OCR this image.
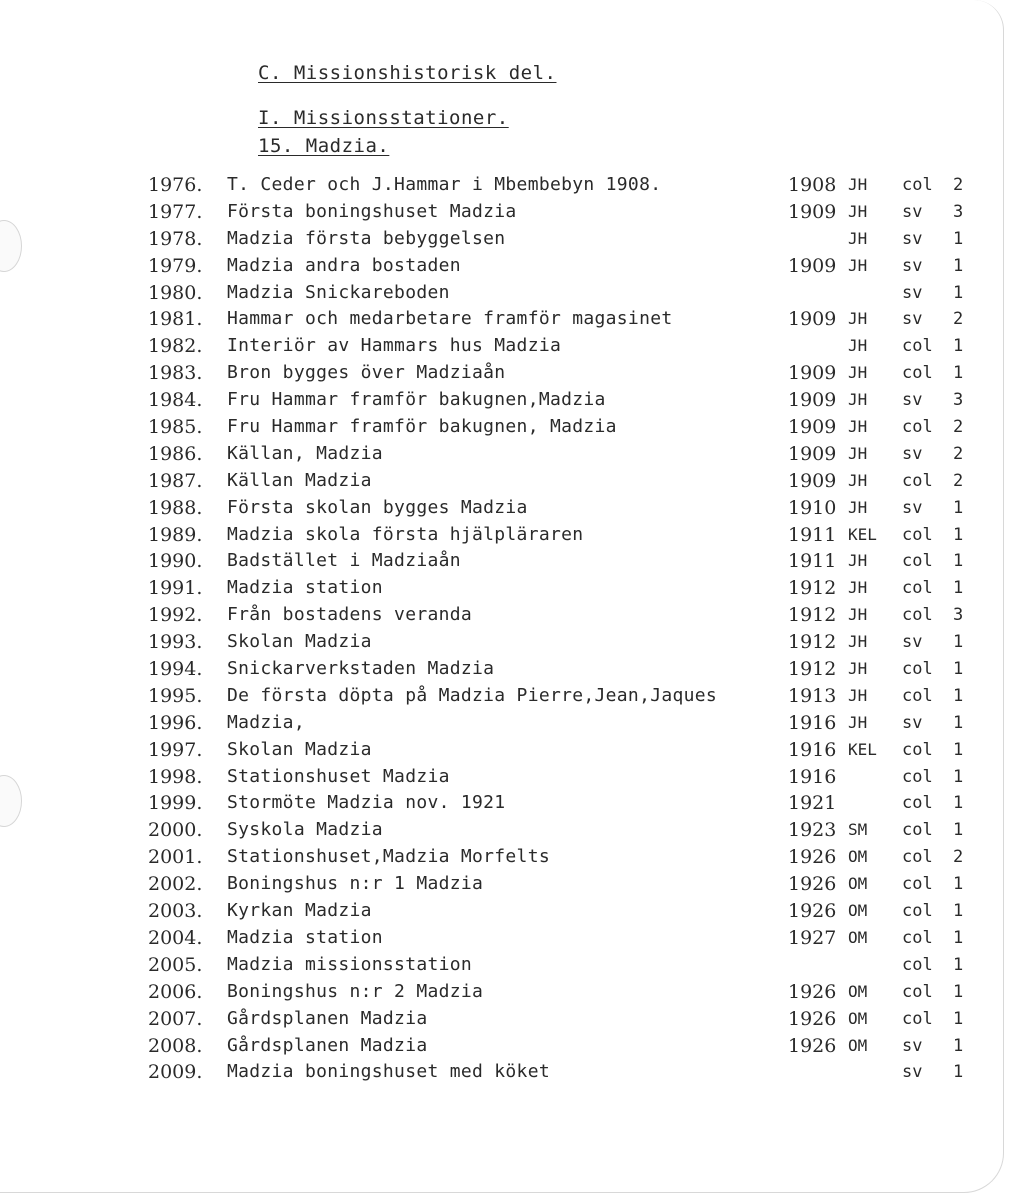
C. Missionshistorisk del.
I. Missionsstationer.
15. Madzia.
1976.	T. Ceder och J.Hammar i Mbembebyn 1908.	1908 JH col 2
1977.	Första boningshuset Madzia	1909 JH sv 3
1978.	Madzia första bebyggelsen	JH sv 1
1979.	Madzia andra bostaden	1909 JH sv 1
1980.	Madzia Snickareboden	sv 1
1981.	Hammar och medarbetare framför magasinet	1909 JH sv 2
1982.	Interiör av Hammars hus Madzia	JH col 1
1983.	Bron bygges över Madziaån	1909 JH col 1
1984.	Fru Hammar framför bakugnen,Madzia	1909 JH sv 3
1985.	Fru Hammar framför bakugnen, Madzia	1909 JH col 2
1986.	Källan, Madzia	1909 JH sv 2
1987.	Källan Madzia	1909 JH col 2
1988.	Första skolan bygges Madzia	1910 JH sv 1
1989.	Madzia skola första hjälpläraren	1911 KEL col 1
1990.	Badstället i Madziaån	1911 JH col 1
1991.	Madzia station	1912 JH col 1
1992.	Från bostadens veranda	1912 JH col 3
1993.	Skolan Madzia	1912 JH sv 1
1994.	Snickarverkstaden Madzia	1912 JH col 1
1995.	De första döpta på Madzia Pierre,Jean,Jaques	1913 JH col 1
1996.	Madzia,	1916 JH sv 1
1997.	Skolan Madzia	1916 KEL col 1
1998.	Stationshuset Madzia	1916	col 1
1999.	Stormöte Madzia nov. 1921	1921	col 1
2000.	Syskola Madzia	1923 SM col 1
2001.	Stationshuset,Madzia Morfelts	1926 OM col 2
2002.	Boningshus n:r 1 Madzia	1926 OM col 1
2003.	Kyrkan Madzia	1926 OM col 1
2004.	Madzia station	1927 OM col 1
2005.	Madzia missionsstation	col 1
2006.	Boningshus n:r 2 Madzia	1926 OM col 1
2007.	Gårdsplanen Madzia	1926 OM col 1
2008.	Gårdsplanen Madzia	1926 OM sv 1
2009.	Madzia boningshuset med köket	sv 1
